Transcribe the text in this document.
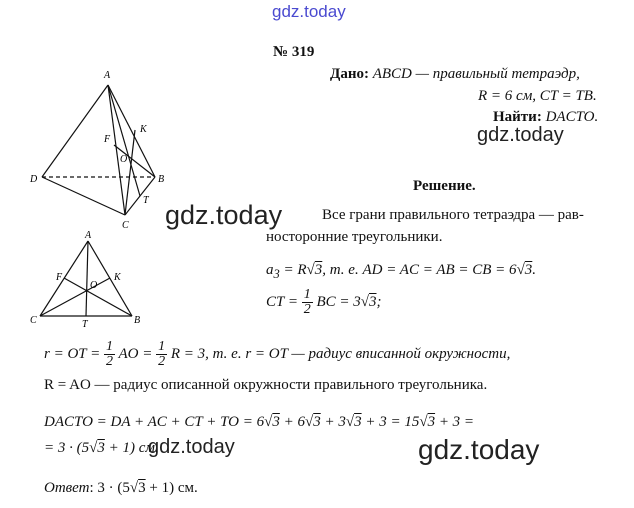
gdz.today
gdz.today
gdz.today
gdz.today
gdz.today
A
D	B
C
F
K
O
T
A
C	B
F	K
O
T
№ 319
Дано: ABCD — правильный тетраэдр,
R = 6 см, CT = TB.
Найти: DACTO.
Решение.
Все грани правильного тетраэдра — рав-
носторонние треугольники.
$a_3 = R√3$, т. е. AD = AC = AB = CB = 6√3.
CT = $\frac{1}{2}$ BC = 3√3;
r = OT = $\frac{1}{2}$ AO = $\frac{1}{2}$ R = 3, т. е. r = OT — радиус вписанной окружности,
R = AO — радиус описанной окружности правильного треугольника.
DACTO = DA + AC + CT + TO = 6√3 + 6√3 + 3√3 + 3 = 15√3 + 3 =
= 3 · (5√3 + 1) см.
Ответ: 3 · (5√3 + 1) см.
